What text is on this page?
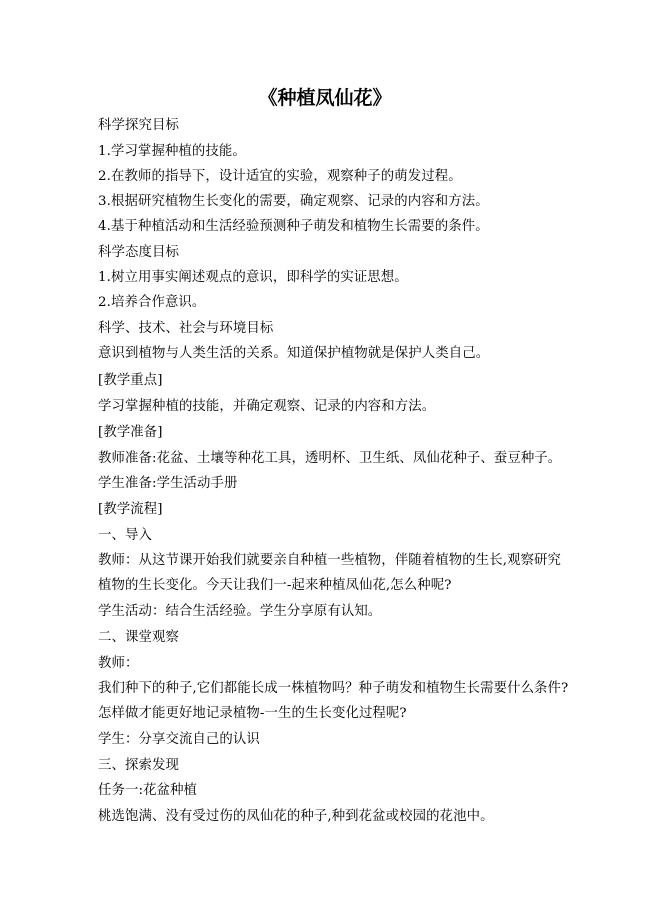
《种植凤仙花》
科学探究目标
1.学习掌握种植的技能。
2.在教师的指导下，设计适宜的实验，观察种子的萌发过程。
3.根据研究植物生长变化的需要，确定观察、记录的内容和方法。
4.基于种植活动和生活经验预测种子萌发和植物生长需要的条件。
科学态度目标
1.树立用事实阐述观点的意识，即科学的实证思想。
2.培养合作意识。
科学、技术、社会与环境目标
意识到植物与人类生活的关系。知道保护植物就是保护人类自己。
[教学重点]
学习掌握种植的技能，并确定观察、记录的内容和方法。
[教学准备]
教师准备:花盆、土壤等种花工具，透明杯、卫生纸、凤仙花种子、蚕豆种子。
学生准备:学生活动手册
[教学流程]
一、导入
教师：从这节课开始我们就要亲自种植一些植物，伴随着植物的生长,观察研究
植物的生长变化。今天让我们一-起来种植凤仙花,怎么种呢?
学生活动：结合生活经验。学生分享原有认知。
二、课堂观察
教师：
我们种下的种子,它们都能长成一株植物吗？种子萌发和植物生长需要什么条件?
怎样做才能更好地记录植物-一生的生长变化过程呢?
学生：分享交流自己的认识
三、探索发现
任务一:花盆种植
桃选饱满、没有受过伤的凤仙花的种子,种到花盆或校园的花池中。
